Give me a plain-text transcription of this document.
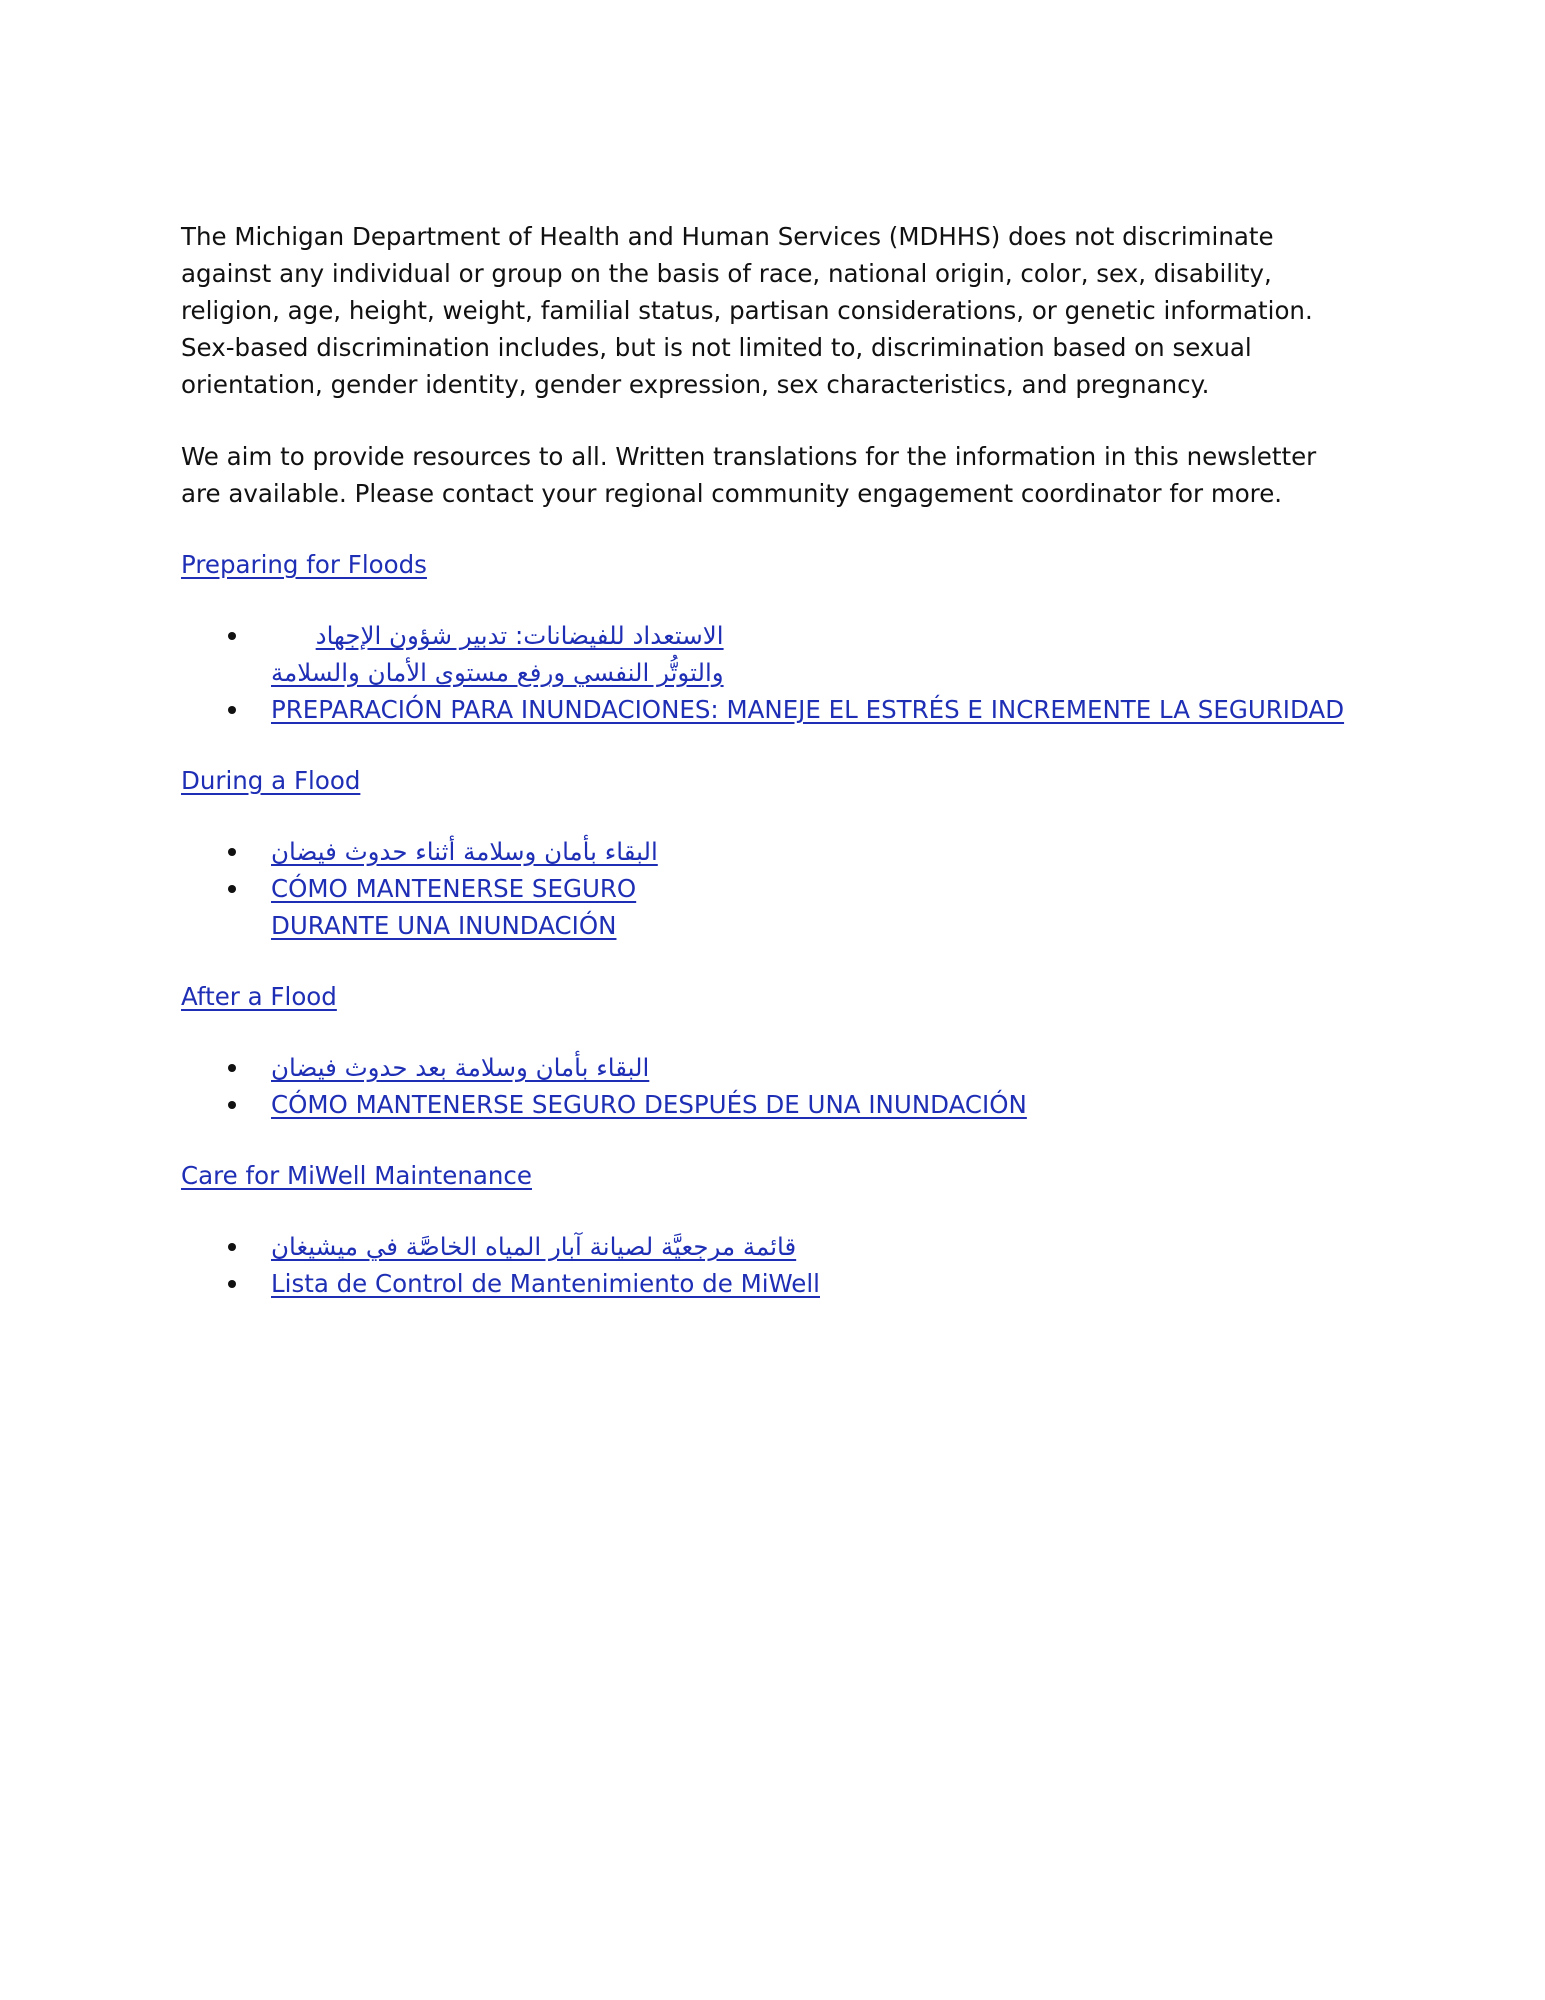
The Michigan Department of Health and Human Services (MDHHS) does not discriminate
against any individual or group on the basis of race, national origin, color, sex, disability,
religion, age, height, weight, familial status, partisan considerations, or genetic information.
Sex-based discrimination includes, but is not limited to, discrimination based on sexual
orientation, gender identity, gender expression, sex characteristics, and pregnancy.

We aim to provide resources to all. Written translations for the information in this newsletter
are available. Please contact your regional community engagement coordinator for more.

Preparing for Floods
الاستعداد للفيضانات: تدبير شؤون الإجهاد
والتوتُّر النفسي ورفع مستوى الأمان والسلامة
PREPARACIÓN PARA INUNDACIONES: MANEJE EL ESTRÉS E INCREMENTE LA SEGURIDAD
During a Flood
البقاء بأمان وسلامة أثناء حدوث فيضان
CÓMO MANTENERSE SEGURO
DURANTE UNA INUNDACIÓN
After a Flood
البقاء بأمان وسلامة بعد حدوث فيضان
CÓMO MANTENERSE SEGURO DESPUÉS DE UNA INUNDACIÓN
Care for MiWell Maintenance
قائمة مرجعيَّة لصيانة آبار المياه الخاصَّة في ميشيغان
Lista de Control de Mantenimiento de MiWell
